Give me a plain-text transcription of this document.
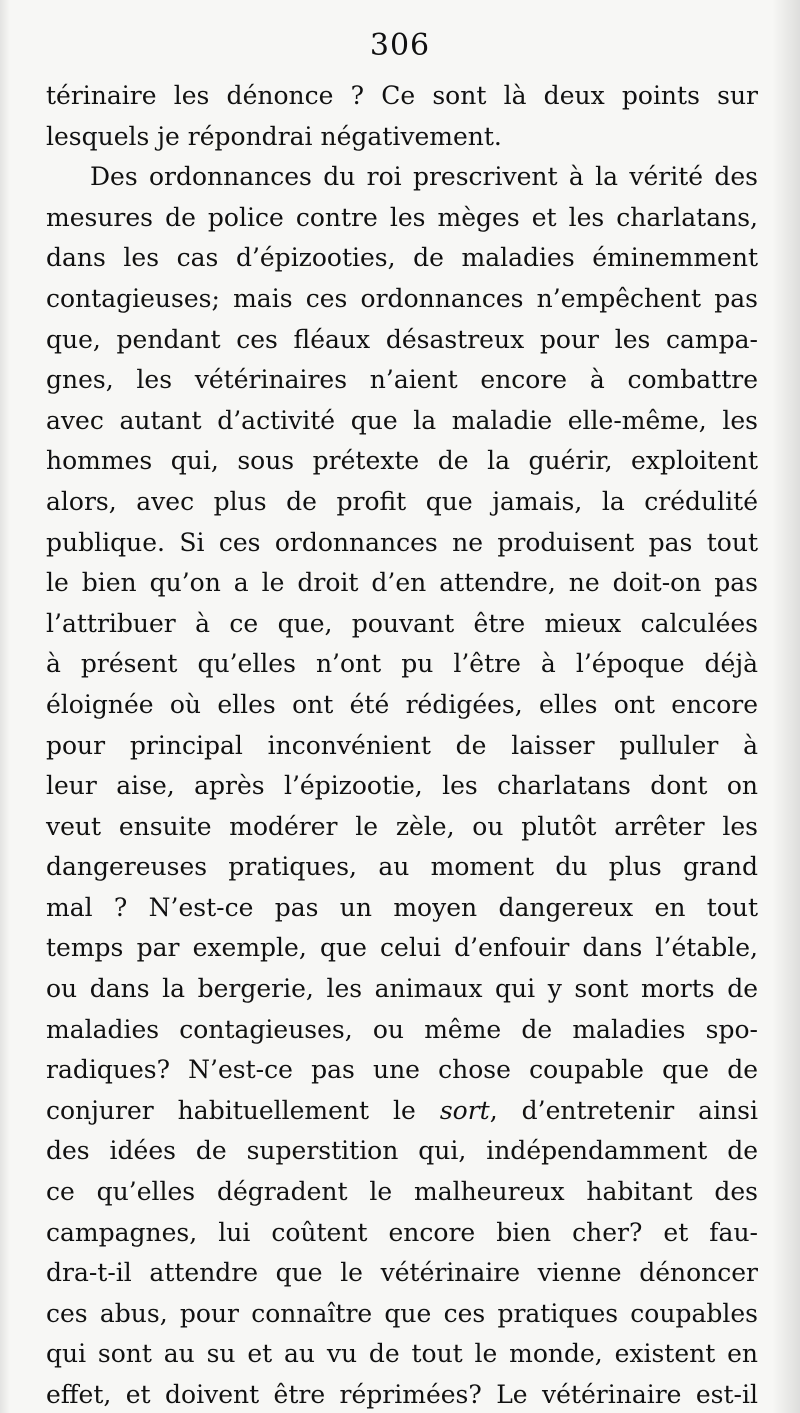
306
térinaire les dénonce ? Ce sont là deux points sur
lesquels je répondrai négativement.
Des ordonnances du roi prescrivent à la vérité des
mesures de police contre les mèges et les charlatans,
dans les cas d’épizooties, de maladies éminemment
contagieuses; mais ces ordonnances n’empêchent pas
que, pendant ces fléaux désastreux pour les campa-
gnes, les vétérinaires n’aient encore à combattre
avec autant d’activité que la maladie elle-même, les
hommes qui, sous prétexte de la guérir, exploitent
alors, avec plus de profit que jamais, la crédulité
publique. Si ces ordonnances ne produisent pas tout
le bien qu’on a le droit d’en attendre, ne doit-on pas
l’attribuer à ce que, pouvant être mieux calculées
à présent qu’elles n’ont pu l’être à l’époque déjà
éloignée où elles ont été rédigées, elles ont encore
pour principal inconvénient de laisser pulluler à
leur aise, après l’épizootie, les charlatans dont on
veut ensuite modérer le zèle, ou plutôt arrêter les
dangereuses pratiques, au moment du plus grand
mal ? N’est-ce pas un moyen dangereux en tout
temps par exemple, que celui d’enfouir dans l’étable,
ou dans la bergerie, les animaux qui y sont morts de
maladies contagieuses, ou même de maladies spo-
radiques? N’est-ce pas une chose coupable que de
conjurer habituellement le sort, d’entretenir ainsi
des idées de superstition qui, indépendamment de
ce qu’elles dégradent le malheureux habitant des
campagnes, lui coûtent encore bien cher? et fau-
dra-t-il attendre que le vétérinaire vienne dénoncer
ces abus, pour connaître que ces pratiques coupables
qui sont au su et au vu de tout le monde, existent en
effet, et doivent être réprimées? Le vétérinaire est-il
